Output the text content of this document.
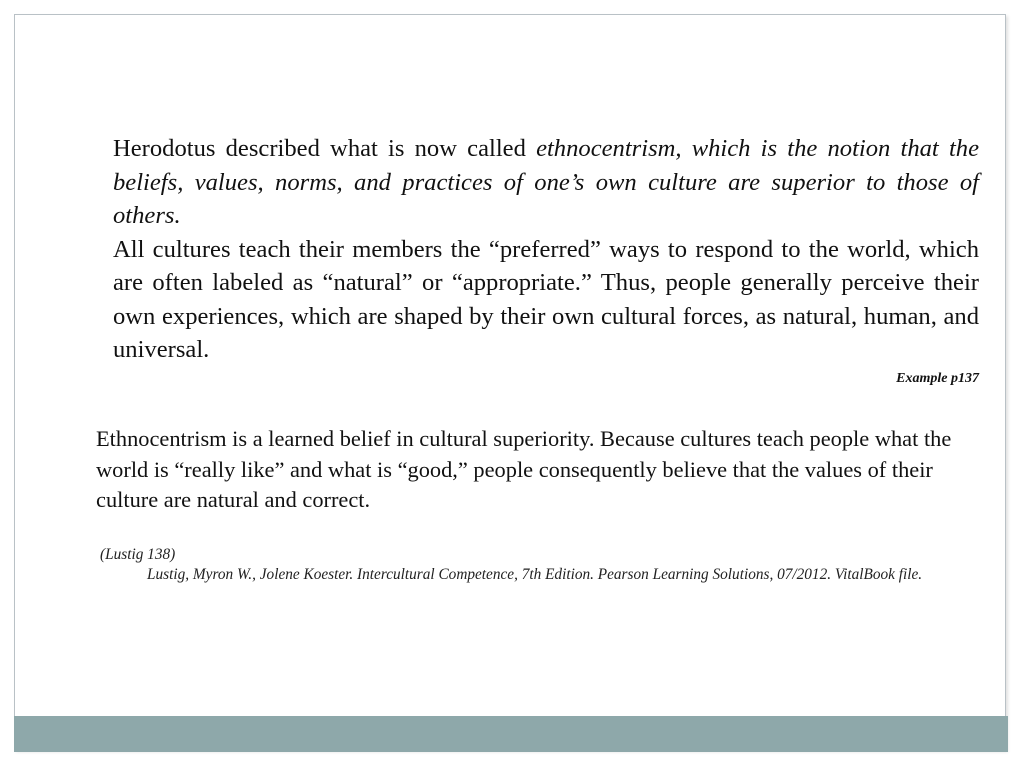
Herodotus described what is now called ethnocentrism, which is the notion that the beliefs, values, norms, and practices of one’s own culture are superior to those of others.

All cultures teach their members the “preferred” ways to respond to the world, which are often labeled as “natural” or “appropriate.” Thus, people generally perceive their own experiences, which are shaped by their own cultural forces, as natural, human, and universal.

Example p137

Ethnocentrism is a learned belief in cultural superiority. Because cultures teach people what the world is “really like” and what is “good,” people consequently believe that the values of their culture are natural and correct.

(Lustig 138)
Lustig, Myron W., Jolene Koester. Intercultural Competence, 7th Edition. Pearson Learning Solutions, 07/2012. VitalBook file.
